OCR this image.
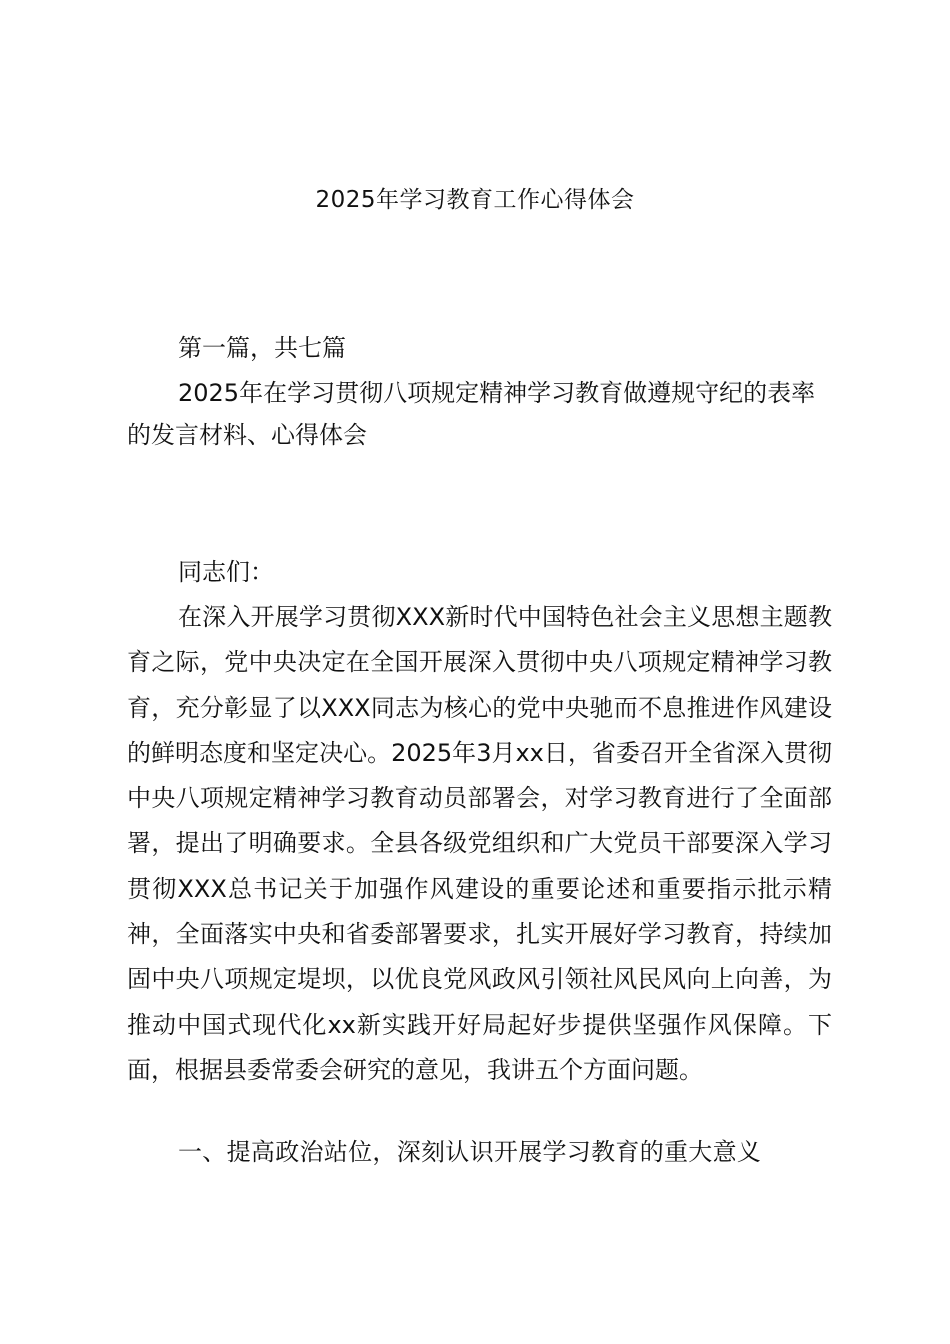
2025年学习教育工作心得体会
第一篇，共七篇

2025年在学习贯彻八项规定精神学习教育做遵规守纪的表率的发言材料、心得体会

同志们：

在深入开展学习贯彻XXX新时代中国特色社会主义思想主题教育之际，党中央决定在全国开展深入贯彻中央八项规定精神学习教育，充分彰显了以XXX同志为核心的党中央驰而不息推进作风建设的鲜明态度和坚定决心。2025年3月xx日，省委召开全省深入贯彻中央八项规定精神学习教育动员部署会，对学习教育进行了全面部署，提出了明确要求。全县各级党组织和广大党员干部要深入学习贯彻XXX总书记关于加强作风建设的重要论述和重要指示批示精神，全面落实中央和省委部署要求，扎实开展好学习教育，持续加固中央八项规定堤坝，以优良党风政风引领社风民风向上向善，为推动中国式现代化xx新实践开好局起好步提供坚强作风保障。下面，根据县委常委会研究的意见，我讲五个方面问题。

一、提高政治站位，深刻认识开展学习教育的重大意义
